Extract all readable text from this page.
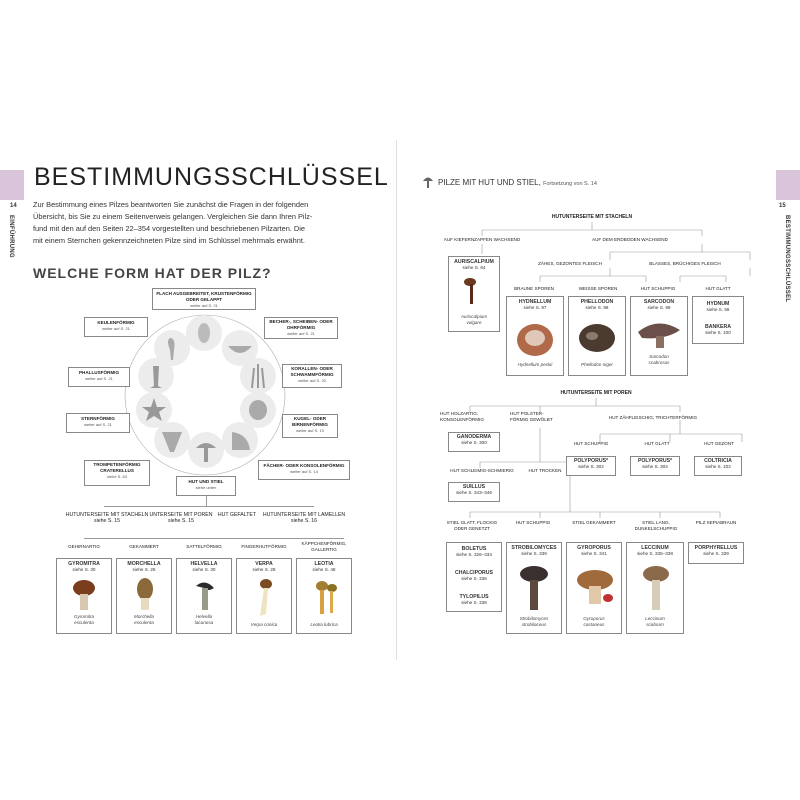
14
EINFÜHRUNG
BESTIMMUNGSSCHLÜSSEL
Zur Bestimmung eines Pilzes beantworten Sie zunächst die Fragen in der folgenden
Übersicht, bis Sie zu einem Seitenverweis gelangen. Vergleichen Sie dann Ihren Pilz-
fund mit den auf den Seiten 22–354 vorgestellten und beschriebenen Pilzarten. Die
mit einem Sternchen gekennzeichneten Pilze sind im Schlüssel mehrmals erwähnt.
WELCHE FORM HAT DER PILZ?
FLACH AUSGEBREITET, KRUSTENFÖRMIG ODER GELAPPT
weiter auf S. 21
KEULENFÖRMIG
weiter auf S. 21
BECHER-, SCHEIBEN- ODER OHRFÖRMIG
weiter auf S. 21
PHALLUSFÖRMIG
weiter auf S. 21
KORALLEN- ODER SCHWAMMFÖRMIG
weiter auf S. 20
STERNFÖRMIG
weiter auf S. 21
KUGEL- ODER BIRNENFÖRMIG
weiter auf S. 19
TROMPETENFÖRMIG CRATERELLUS
siehe S. 63
FÄCHER- ODER KONSOLENFÖRMIG
weiter auf S. 14
HUT UND STIEL
siehe unten
HUTUNTERSEITE MIT STACHELN
siehe S. 15
UNTERSEITE MIT POREN
siehe S. 15
HUT GEFALTET	HUTUNTERSEITE MIT LAMELLEN
siehe S. 16
GEHIRNARTIG	GEKAMMERT	SATTELFÖRMIG	FINGERHUTFÖRMIG
KÄPPCHENFÖRMIG, GALLERTIG
GYROMITRA
siehe S. 30
Gyromitra
esculenta
MORCHELLA
siehe S. 26
Morchella
esculenta
HELVELLA
siehe S. 30
Helvella
lacunosa
VERPA
siehe S. 28
Verpa conica
LEOTIA
siehe S. 48
Leotia lubrica
15
BESTIMMUNGSSCHLÜSSEL
PILZE MIT HUT UND STIEL, Fortsetzung von S. 14
HUTUNTERSEITE MIT STACHELN
AUF KIEFERNZAPFEN WACHSEND	AUF DEM ERDBODEN WACHSEND
ZÄHES, GEZONTES FLEISCH	BLASSES, BRÜCHIGES FLEISCH
BRAUNE SPOREN	WEISSE SPOREN	HUT SCHUPPIG	HUT GLATT
AURISCALPIUM
siehe S. 64
Auriscalpium
vulgare
HYDNELLUM
siehe S. 97
Hydnellum peckii
PHELLODON
siehe S. 98
Phellodon niger
SARCODON
siehe S. 99
Sarcodon
scabrosus
HYDNUM
siehe S. 58
BANKERA
siehe S. 100
HUTUNTERSEITE MIT POREN
HUT HOLZARTIG, KONSOLENFÖRMIG
HUT POLSTER-FÖRMIG GEWÖLBT	HUT ZÄHFLEISCHIG, TRICHTERFÖRMIG
HUT SCHUPPIG	HUT GLATT	HUT GEZONT
GANODERMA
siehe S. 300
POLYPORUS*
siehe S. 302
POLYPORUS*
siehe S. 304
COLTRICIA
siehe S. 102
HUT SCHLEIMIG-SCHMIERIG	HUT TROCKEN
SUILLUS
siehe S. 343–346
STIEL GLATT, FLOCKIG ODER GENETZT
HUT SCHUPPIG	STIEL GEKAMMERT	STIEL LANG, DUNKELSCHUPPIG
PILZ SEPIABRAUN
BOLETUS
siehe S. 326–334
CHALCIPORUS
siehe S. 336
TYLOPILUS
siehe S. 338
STROBILOMYCES
siehe S. 339
Strobilomyces
strobilaceus
GYROPORUS
siehe S. 341
Gyroporus
castaneus
LECCINUM
siehe S. 335–338
Leccinum
scabrum
PORPHYRELLUS
siehe S. 339
